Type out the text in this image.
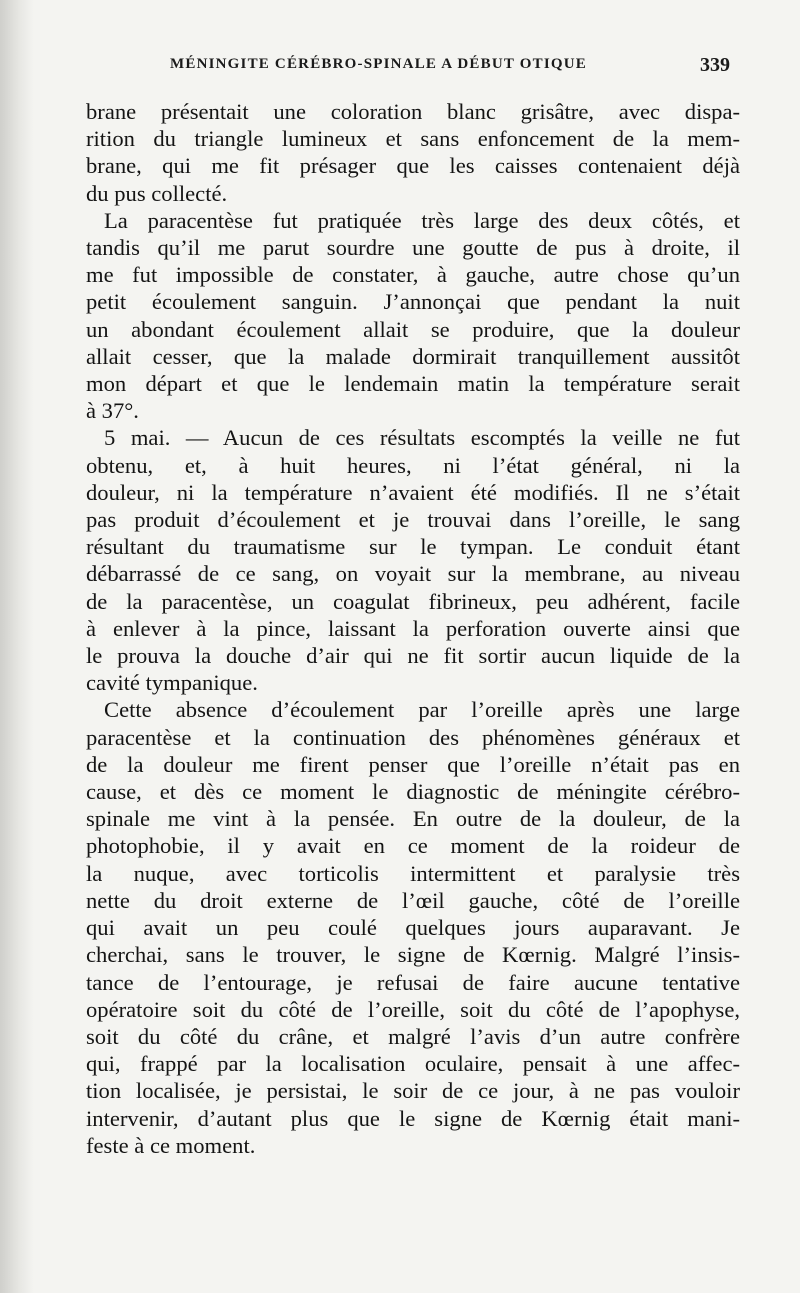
MÉNINGITE CÉRÉBRO-SPINALE A DÉBUT OTIQUE	339

brane présentait une coloration blanc grisâtre, avec dispa-

rition du triangle lumineux et sans enfoncement de la mem-

brane, qui me fit présager que les caisses contenaient déjà

du pus collecté.

La paracentèse fut pratiquée très large des deux côtés, et

tandis qu’il me parut sourdre une goutte de pus à droite, il

me fut impossible de constater, à gauche, autre chose qu’un

petit écoulement sanguin. J’annonçai que pendant la nuit

un abondant écoulement allait se produire, que la douleur

allait cesser, que la malade dormirait tranquillement aussitôt

mon départ et que le lendemain matin la température serait

à 37°.

5 mai. — Aucun de ces résultats escomptés la veille ne fut

obtenu, et, à huit heures, ni l’état général, ni la

douleur, ni la température n’avaient été modifiés. Il ne s’était

pas produit d’écoulement et je trouvai dans l’oreille, le sang

résultant du traumatisme sur le tympan. Le conduit étant

débarrassé de ce sang, on voyait sur la membrane, au niveau

de la paracentèse, un coagulat fibrineux, peu adhérent, facile

à enlever à la pince, laissant la perforation ouverte ainsi que

le prouva la douche d’air qui ne fit sortir aucun liquide de la

cavité tympanique.

Cette absence d’écoulement par l’oreille après une large

paracentèse et la continuation des phénomènes généraux et

de la douleur me firent penser que l’oreille n’était pas en

cause, et dès ce moment le diagnostic de méningite cérébro-

spinale me vint à la pensée. En outre de la douleur, de la

photophobie, il y avait en ce moment de la roideur de

la nuque, avec torticolis intermittent et paralysie très

nette du droit externe de l’œil gauche, côté de l’oreille

qui avait un peu coulé quelques jours auparavant. Je

cherchai, sans le trouver, le signe de Kœrnig. Malgré l’insis-

tance de l’entourage, je refusai de faire aucune tentative

opératoire soit du côté de l’oreille, soit du côté de l’apophyse,

soit du côté du crâne, et malgré l’avis d’un autre confrère

qui, frappé par la localisation oculaire, pensait à une affec-

tion localisée, je persistai, le soir de ce jour, à ne pas vouloir

intervenir, d’autant plus que le signe de Kœrnig était mani-

feste à ce moment.
